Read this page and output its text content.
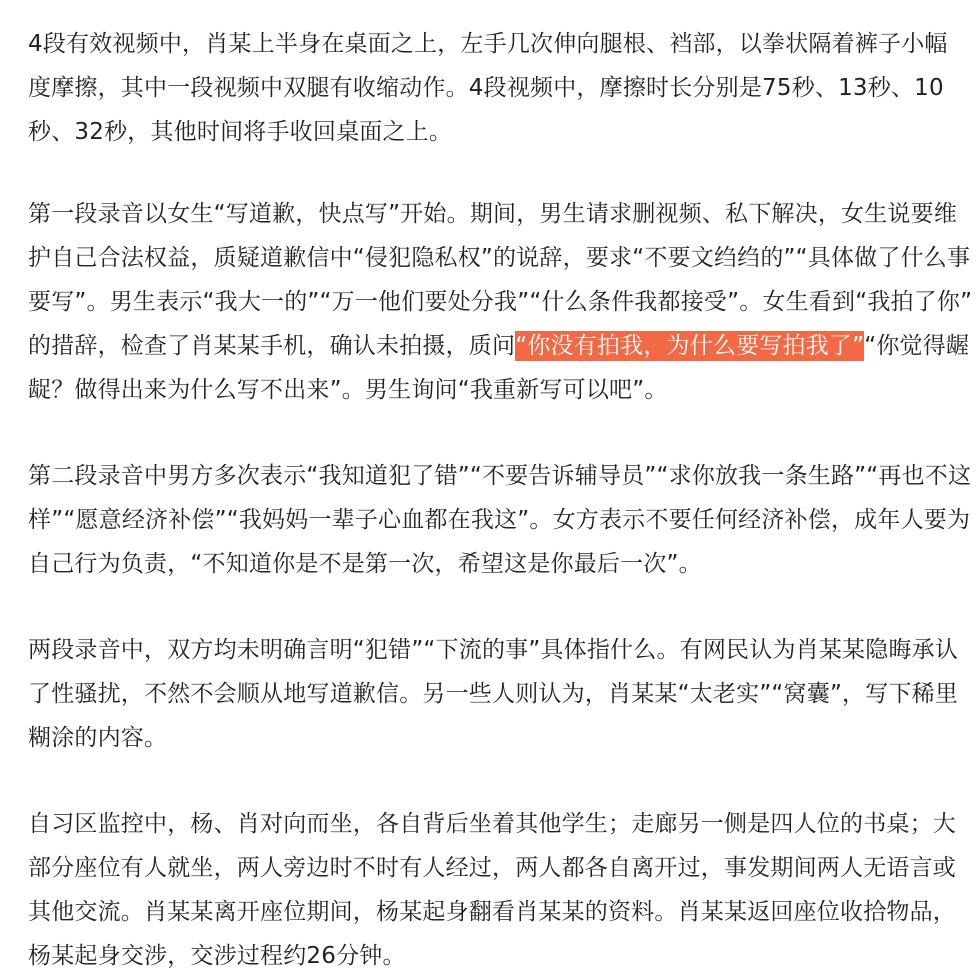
4段有效视频中，肖某上半身在桌面之上，左手几次伸向腿根、裆部，以拳状隔着裤子小幅
度摩擦，其中一段视频中双腿有收缩动作。4段视频中，摩擦时长分别是75秒、13秒、10
秒、32秒，其他时间将手收回桌面之上。

第一段录音以女生“写道歉，快点写”开始。期间，男生请求删视频、私下解决，女生说要维
护自己合法权益，质疑道歉信中“侵犯隐私权”的说辞，要求“不要文绉绉的”“具体做了什么事
要写”。男生表示“我大一的”“万一他们要处分我”“什么条件我都接受”。女生看到“我拍了你”
的措辞，检查了肖某某手机，确认未拍摄，质问“你没有拍我，为什么要写拍我了”“你觉得龌
龊？做得出来为什么写不出来”。男生询问“我重新写可以吧”。

第二段录音中男方多次表示“我知道犯了错”“不要告诉辅导员”“求你放我一条生路”“再也不这
样”“愿意经济补偿”“我妈妈一辈子心血都在我这”。女方表示不要任何经济补偿，成年人要为
自己行为负责，“不知道你是不是第一次，希望这是你最后一次”。

两段录音中，双方均未明确言明“犯错”“下流的事”具体指什么。有网民认为肖某某隐晦承认
了性骚扰，不然不会顺从地写道歉信。另一些人则认为，肖某某“太老实”“窝囊”，写下稀里
糊涂的内容。

自习区监控中，杨、肖对向而坐，各自背后坐着其他学生；走廊另一侧是四人位的书桌；大
部分座位有人就坐，两人旁边时不时有人经过，两人都各自离开过，事发期间两人无语言或
其他交流。肖某某离开座位期间，杨某起身翻看肖某某的资料。肖某某返回座位收拾物品，
杨某起身交涉，交涉过程约26分钟。
